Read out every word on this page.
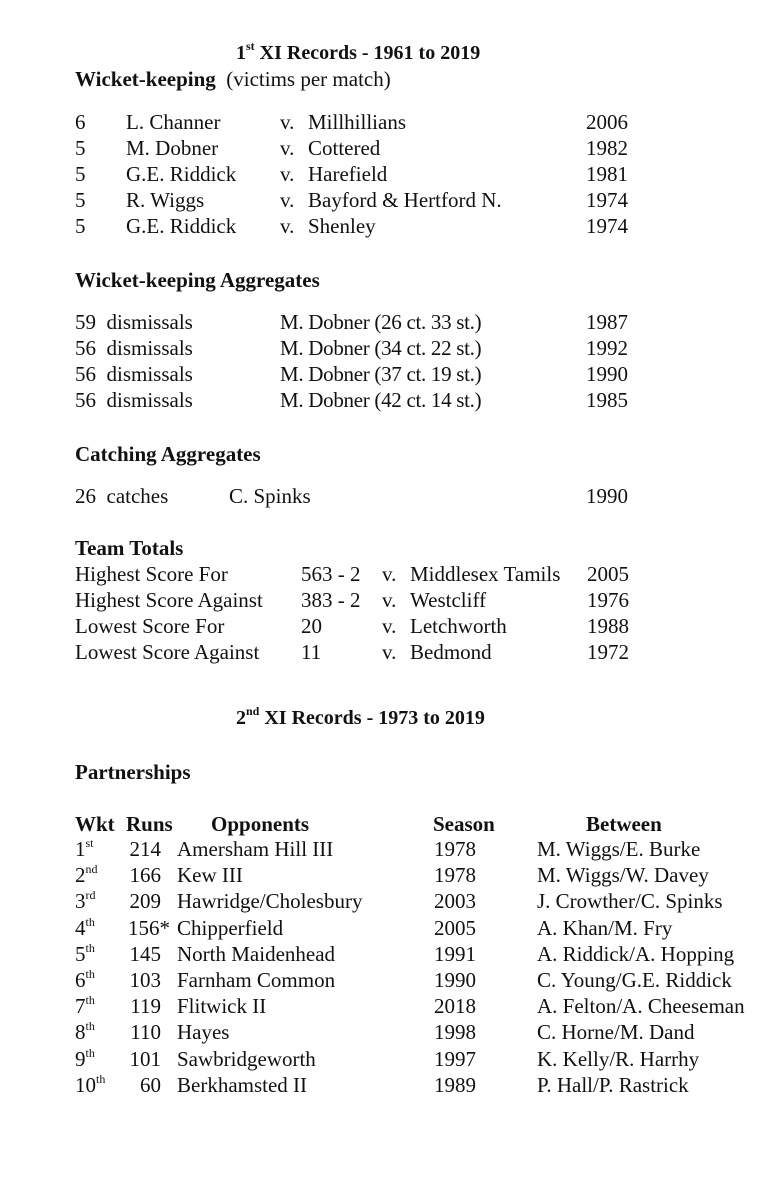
1st XI Records - 1961 to 2019
Wicket-keeping (victims per match)
6 L. Channer	v. Millhillians	2006
5 M. Dobner	v. Cottered	1982
5 G.E. Riddick v. Harefield	1981
5 R. Wiggs	v. Bayford & Hertford N.	1974
5 G.E. Riddick v. Shenley	1974
Wicket-keeping Aggregates
59  dismissals	M. Dobner (26 ct. 33 st.)	1987
56  dismissals	M. Dobner (34 ct. 22 st.)	1992
56  dismissals	M. Dobner (37 ct. 19 st.)	1990
56  dismissals	M. Dobner (42 ct. 14 st.)	1985
Catching Aggregates
26  catches	C. Spinks	1990
Team Totals
Highest Score For	563 - 2 v. Middlesex Tamils 2005
Highest Score Against 383 - 2 v. Westcliff	1976
Lowest Score For	20	v. Letchworth	1988
Lowest Score Against 11	v. Bedmond	1972
2nd XI Records - 1973 to 2019
Partnerships
Wkt Runs Opponents	Season	Between
1st 214 Amersham Hill III	1978	M. Wiggs/E. Burke
2nd 166 Kew III	1978	M. Wiggs/W. Davey
3rd 209 Hawridge/Cholesbury	2003	J. Crowther/C. Spinks
4th 156* Chipperfield	2005	A. Khan/M. Fry
5th 145 North Maidenhead	1991	A. Riddick/A. Hopping
6th 103 Farnham Common	1990	C. Young/G.E. Riddick
7th 119 Flitwick II	2018	A. Felton/A. Cheeseman
8th 110 Hayes	1998	C. Horne/M. Dand
9th 101 Sawbridgeworth	1997	K. Kelly/R. Harrhy
10th 60 Berkhamsted II	1989	P. Hall/P. Rastrick
